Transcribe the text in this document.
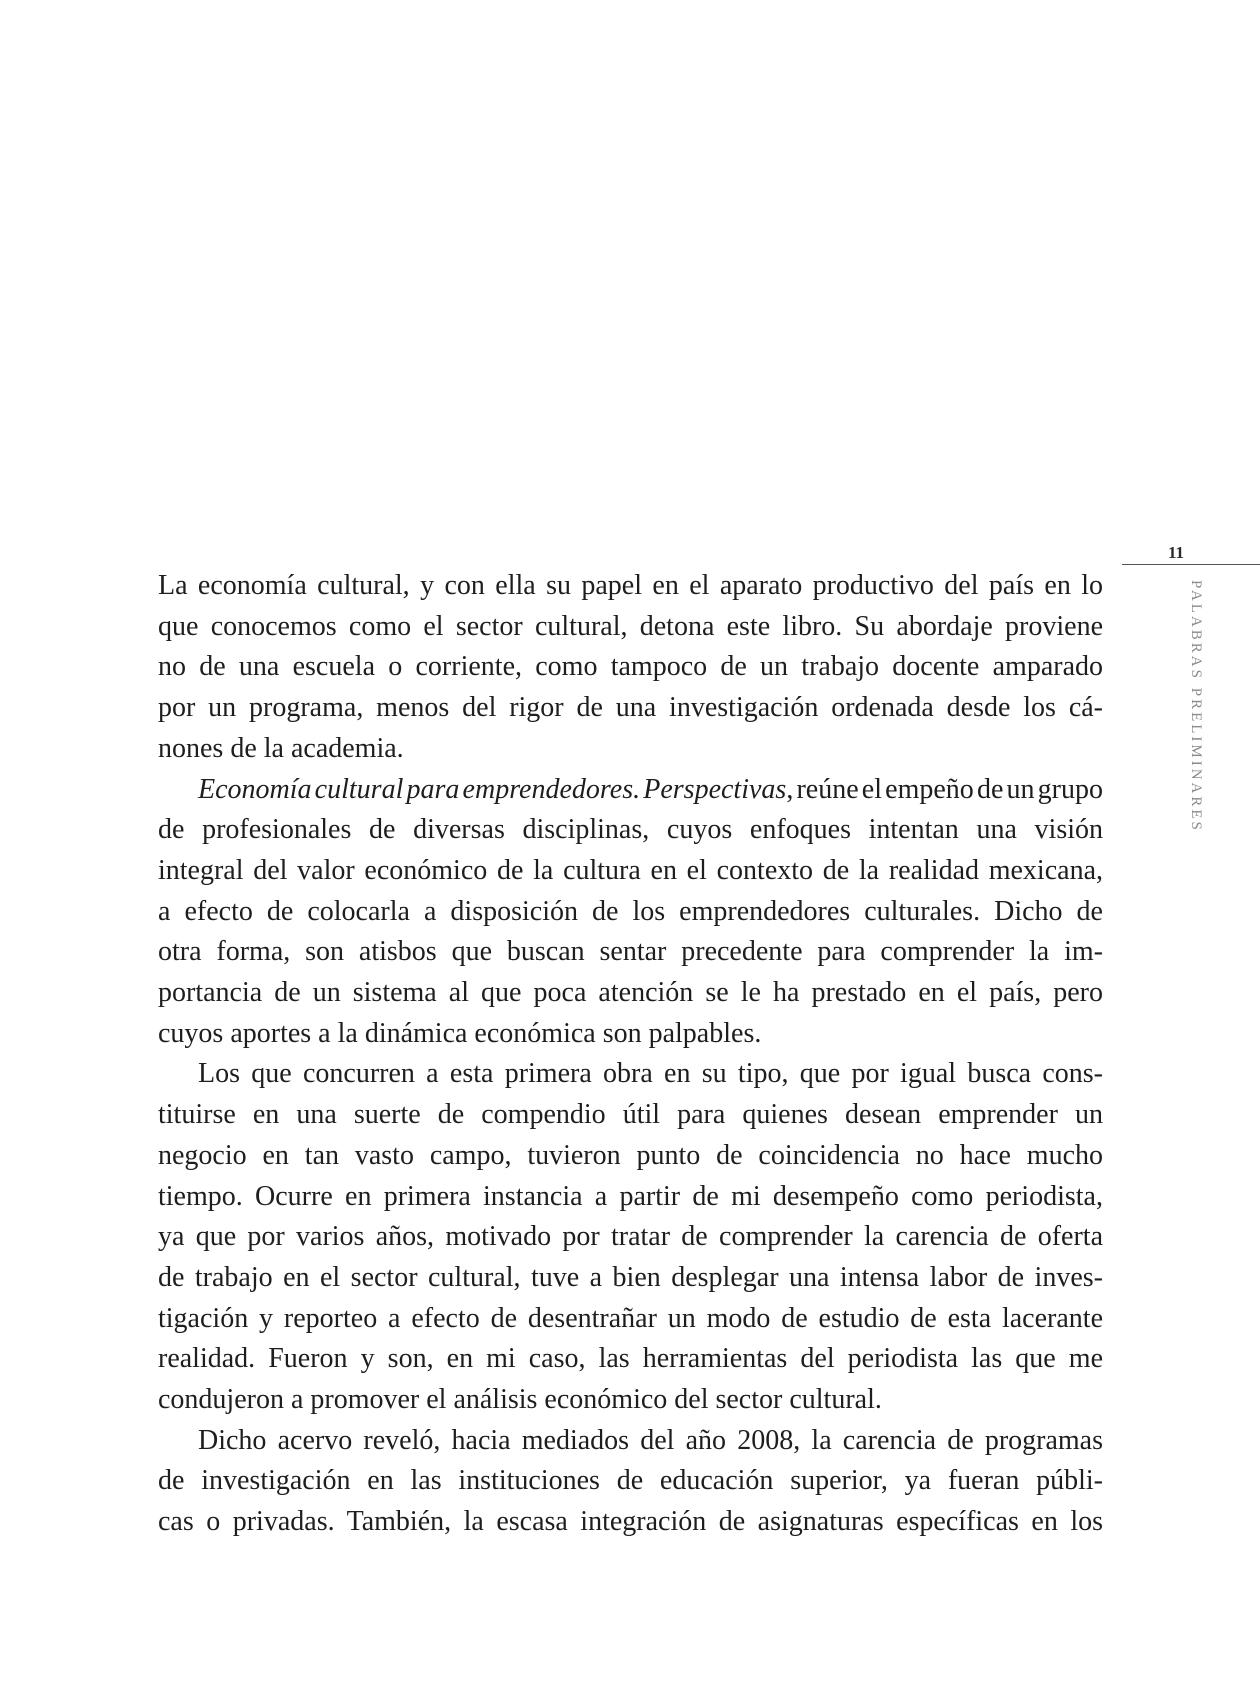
11
PALABRAS PRELIMINARES

La economía cultural, y con ella su papel en el aparato productivo del país en lo
que conocemos como el sector cultural, detona este libro. Su abordaje proviene
no de una escuela o corriente, como tampoco de un trabajo docente amparado
por un programa, menos del rigor de una investigación ordenada desde los cá-
nones de la academia.

Economía cultural para emprendedores. Perspectivas, reúne el empeño de un grupo
de profesionales de diversas disciplinas, cuyos enfoques intentan una visión
integral del valor económico de la cultura en el contexto de la realidad mexicana,
a efecto de colocarla a disposición de los emprendedores culturales. Dicho de
otra forma, son atisbos que buscan sentar precedente para comprender la im-
portancia de un sistema al que poca atención se le ha prestado en el país, pero
cuyos aportes a la dinámica económica son palpables.

Los que concurren a esta primera obra en su tipo, que por igual busca cons-
tituirse en una suerte de compendio útil para quienes desean emprender un
negocio en tan vasto campo, tuvieron punto de coincidencia no hace mucho
tiempo. Ocurre en primera instancia a partir de mi desempeño como periodista,
ya que por varios años, motivado por tratar de comprender la carencia de oferta
de trabajo en el sector cultural, tuve a bien desplegar una intensa labor de inves-
tigación y reporteo a efecto de desentrañar un modo de estudio de esta lacerante
realidad. Fueron y son, en mi caso, las herramientas del periodista las que me
condujeron a promover el análisis económico del sector cultural.

Dicho acervo reveló, hacia mediados del año 2008, la carencia de programas
de investigación en las instituciones de educación superior, ya fueran públi-
cas o privadas. También, la escasa integración de asignaturas específicas en los
